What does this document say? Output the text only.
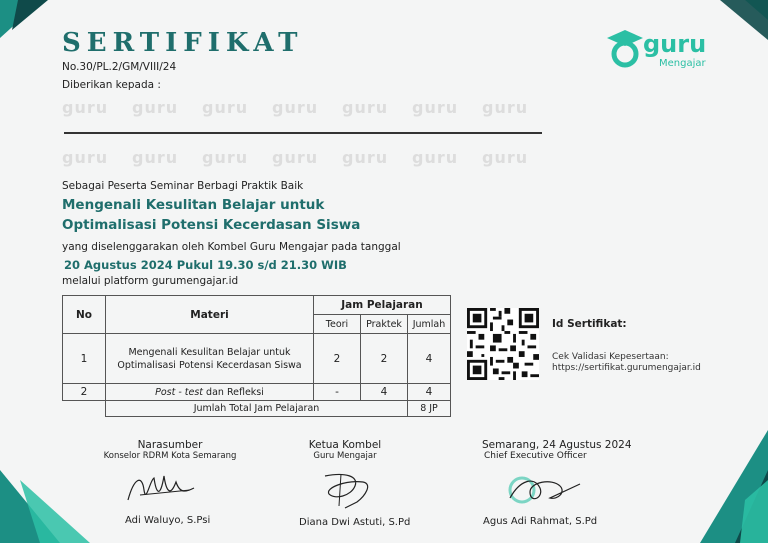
SERTIFIKAT
No.30/PL.2/GM/VIII/24
Diberikan kepada :
guru guru guru guru guru guru guru
guru guru guru guru guru guru guru
Sebagai Peserta Seminar Berbagi Praktik Baik
Mengenali Kesulitan Belajar untuk
Optimalisasi Potensi Kecerdasan Siswa
yang diselenggarakan oleh Kombel Guru Mengajar pada tanggal
20 Agustus 2024 Pukul 19.30 s/d 21.30 WIB
melalui platform gurumengajar.id
guru
Mengajar
No	Materi	Jam Pelajaran		
		Teori	Praktek	Jumlah
1	Mengenali Kesulitan Belajar untuk
Optimalisasi Potensi Kecerdasan Siswa	2	2	4
2	Post - test dan Refleksi	-	4	4
	Jumlah Total Jam Pelajaran			8 JP
Id Sertifikat:
Cek Validasi Kepesertaan:
https://sertifikat.gurumengajar.id
Narasumber
Konselor RDRM Kota Semarang
Adi Waluyo, S.Psi
Ketua Kombel
Guru Mengajar
Diana Dwi Astuti, S.Pd
Semarang, 24 Agustus 2024
Chief Executive Officer
Agus Adi Rahmat, S.Pd
